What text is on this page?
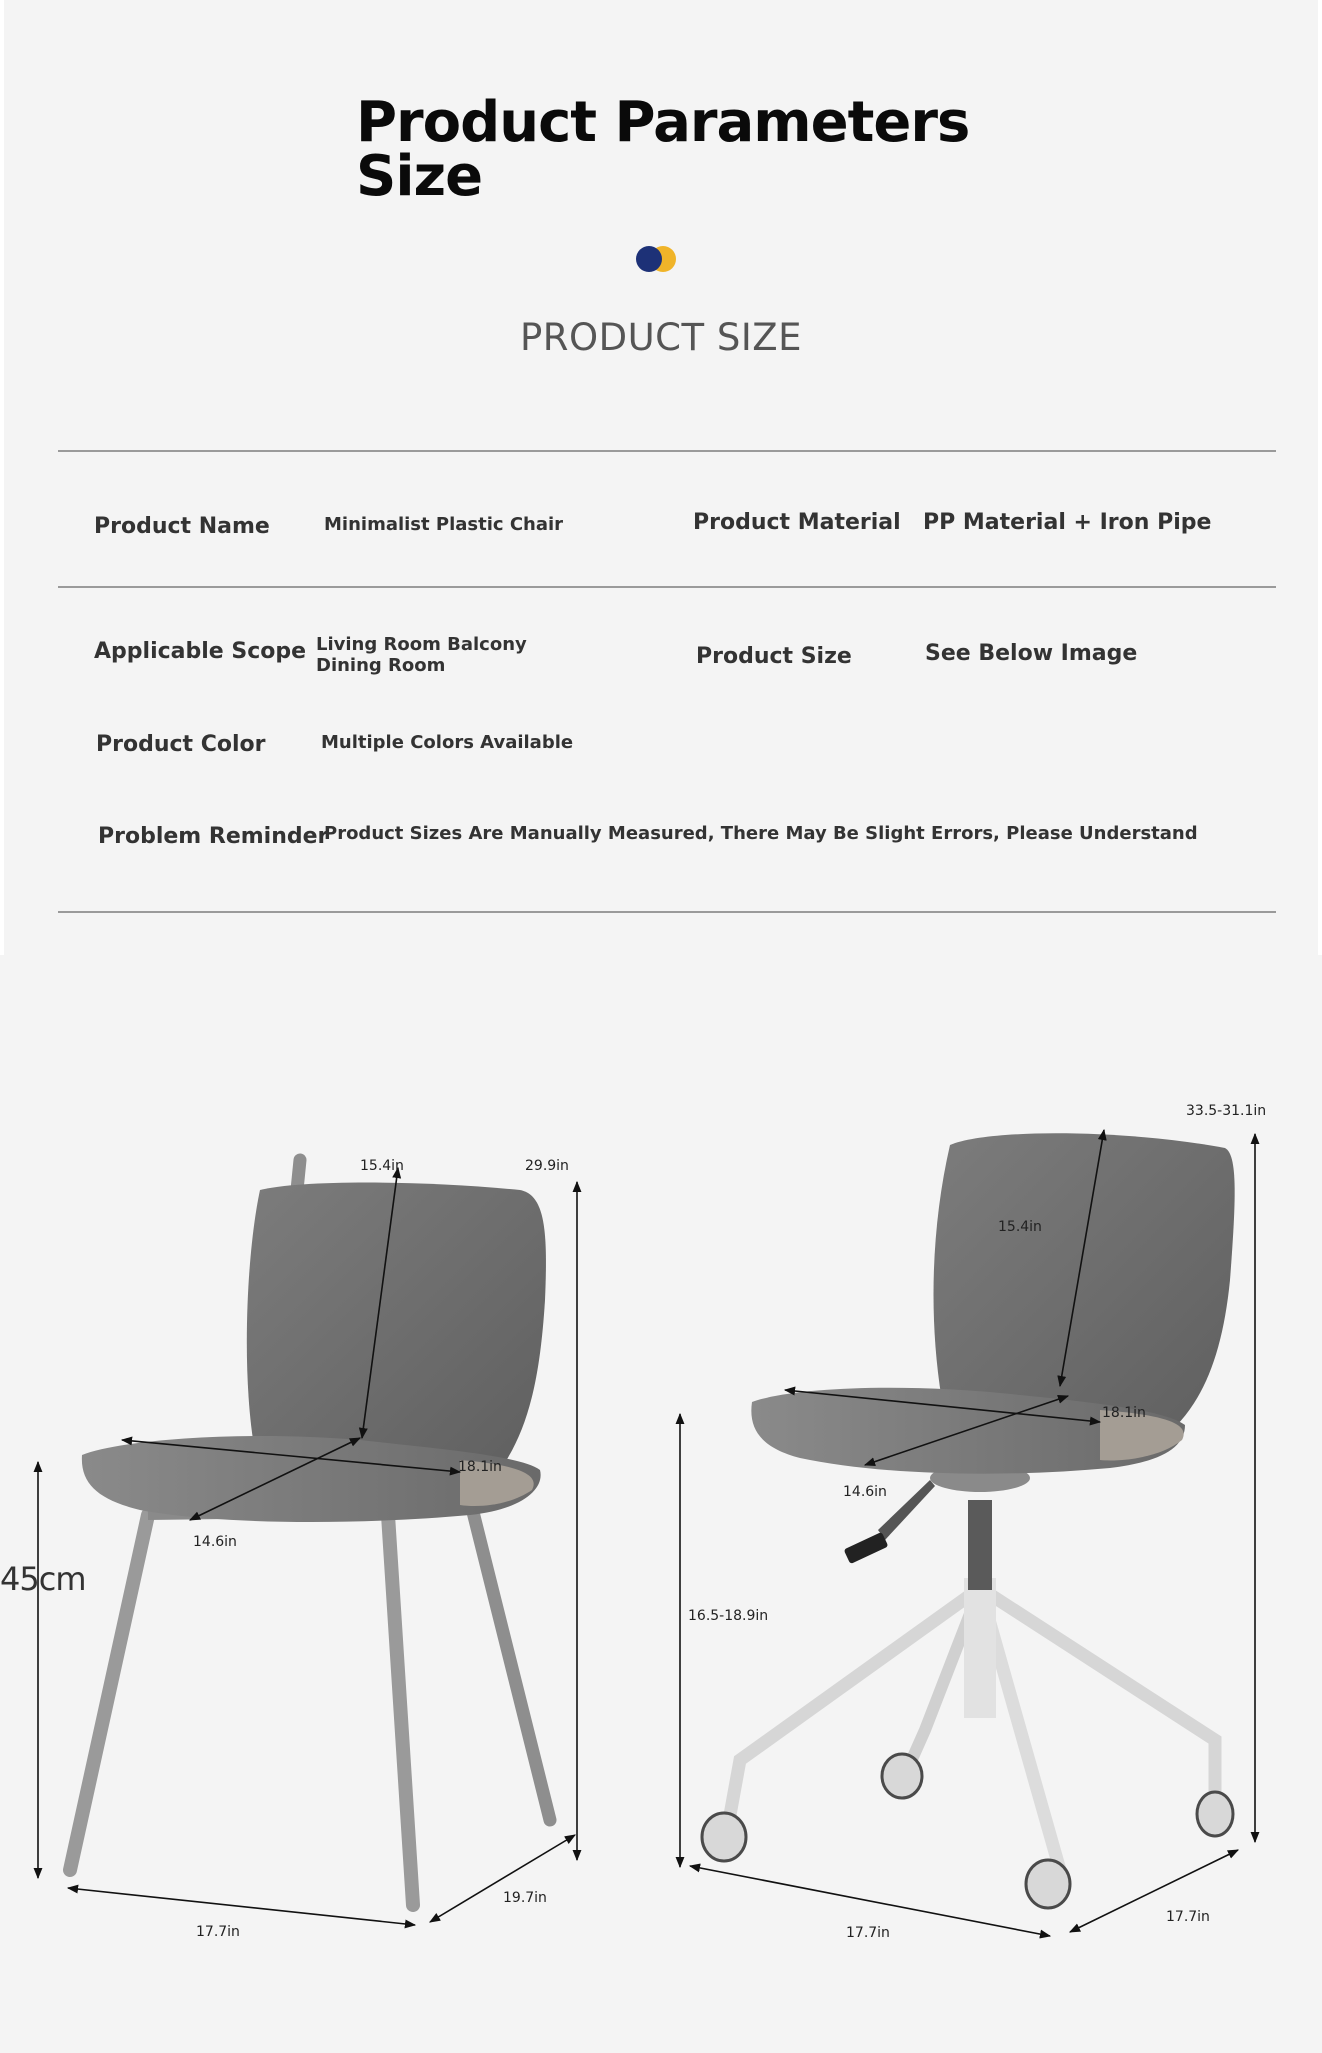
Product Parameters
Size
PRODUCT SIZE
Product Name	Minimalist Plastic Chair	Product Material PP Material + Iron Pipe
Applicable Scope Living Room Balcony
Dining Room	Product Size	See Below Image
Product Color	Multiple Colors Available
Problem Reminder
Product Sizes Are Manually Measured, There May Be Slight Errors, Please Understand
15.4in	29.9in
18.1in
14.6in
45cm
17.7in
19.7in
33.5-31.1in
15.4in
18.1in
14.6in
16.5-18.9in
17.7in
17.7in
